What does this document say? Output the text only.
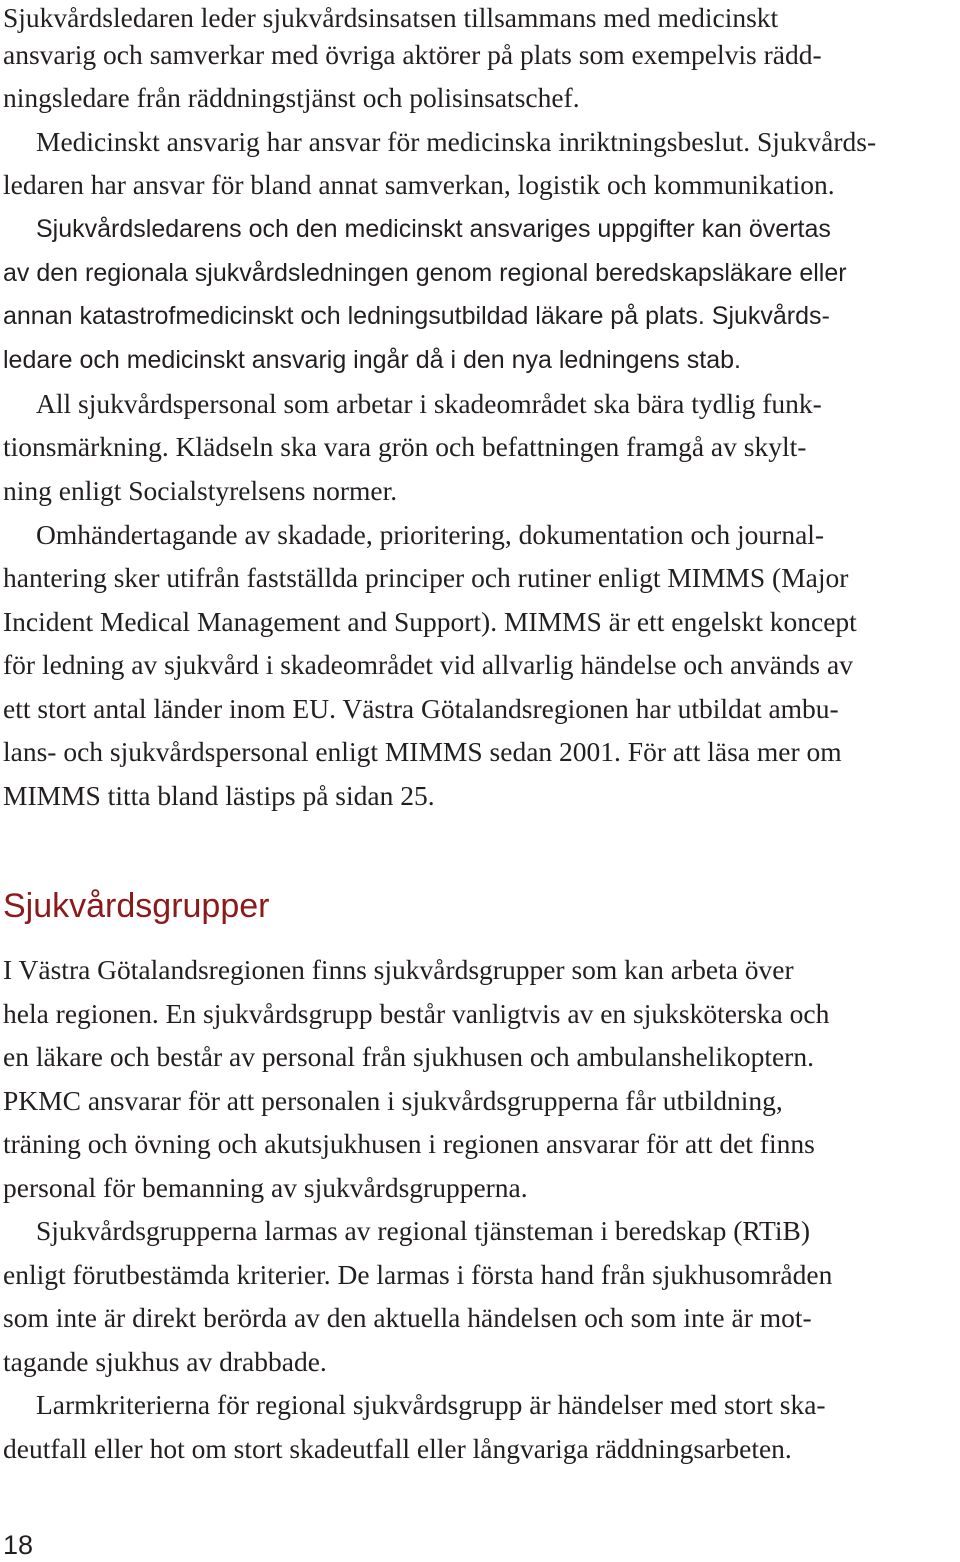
Sjukvårdsledaren leder sjukvårdsinsatsen tillsammans med medicinskt
ansvarig och samverkar med övriga aktörer på plats som exempelvis rädd-
ningsledare från räddningstjänst och polisinsatschef.
Medicinskt ansvarig har ansvar för medicinska inriktningsbeslut. Sjukvårds-
ledaren har ansvar för bland annat samverkan, logistik och kommunikation.
Sjukvårdsledarens och den medicinskt ansvariges uppgifter kan övertas
av den regionala sjukvårdsledningen genom regional beredskapsläkare eller
annan katastrofmedicinskt och ledningsutbildad läkare på plats. Sjukvårds-
ledare och medicinskt ansvarig ingår då i den nya ledningens stab.
All sjukvårdspersonal som arbetar i skadeområdet ska bära tydlig funk-
tionsmärkning. Klädseln ska vara grön och befattningen framgå av skylt-
ning enligt Socialstyrelsens normer.
Omhändertagande av skadade, prioritering, dokumentation och journal-
hantering sker utifrån fastställda principer och rutiner enligt MIMMS (Major
Incident Medical Management and Support). MIMMS är ett engelskt koncept
för ledning av sjukvård i skadeområdet vid allvarlig händelse och används av
ett stort antal länder inom EU. Västra Götalandsregionen har utbildat ambu-
lans- och sjukvårdspersonal enligt MIMMS sedan 2001. För att läsa mer om
MIMMS titta bland lästips på sidan 25.
Sjukvårdsgrupper
I Västra Götalandsregionen finns sjukvårdsgrupper som kan arbeta över
hela regionen. En sjukvårdsgrupp består vanligtvis av en sjuksköterska och
en läkare och består av personal från sjukhusen och ambulanshelikoptern.
PKMC ansvarar för att personalen i sjukvårdsgrupperna får utbildning,
träning och övning och akutsjukhusen i regionen ansvarar för att det finns
personal för bemanning av sjukvårdsgrupperna.
Sjukvårdsgrupperna larmas av regional tjänsteman i beredskap (RTiB)
enligt förutbestämda kriterier. De larmas i första hand från sjukhusområden
som inte är direkt berörda av den aktuella händelsen och som inte är mot-
tagande sjukhus av drabbade.
Larmkriterierna för regional sjukvårdsgrupp är händelser med stort ska-
deutfall eller hot om stort skadeutfall eller långvariga räddningsarbeten.
18
